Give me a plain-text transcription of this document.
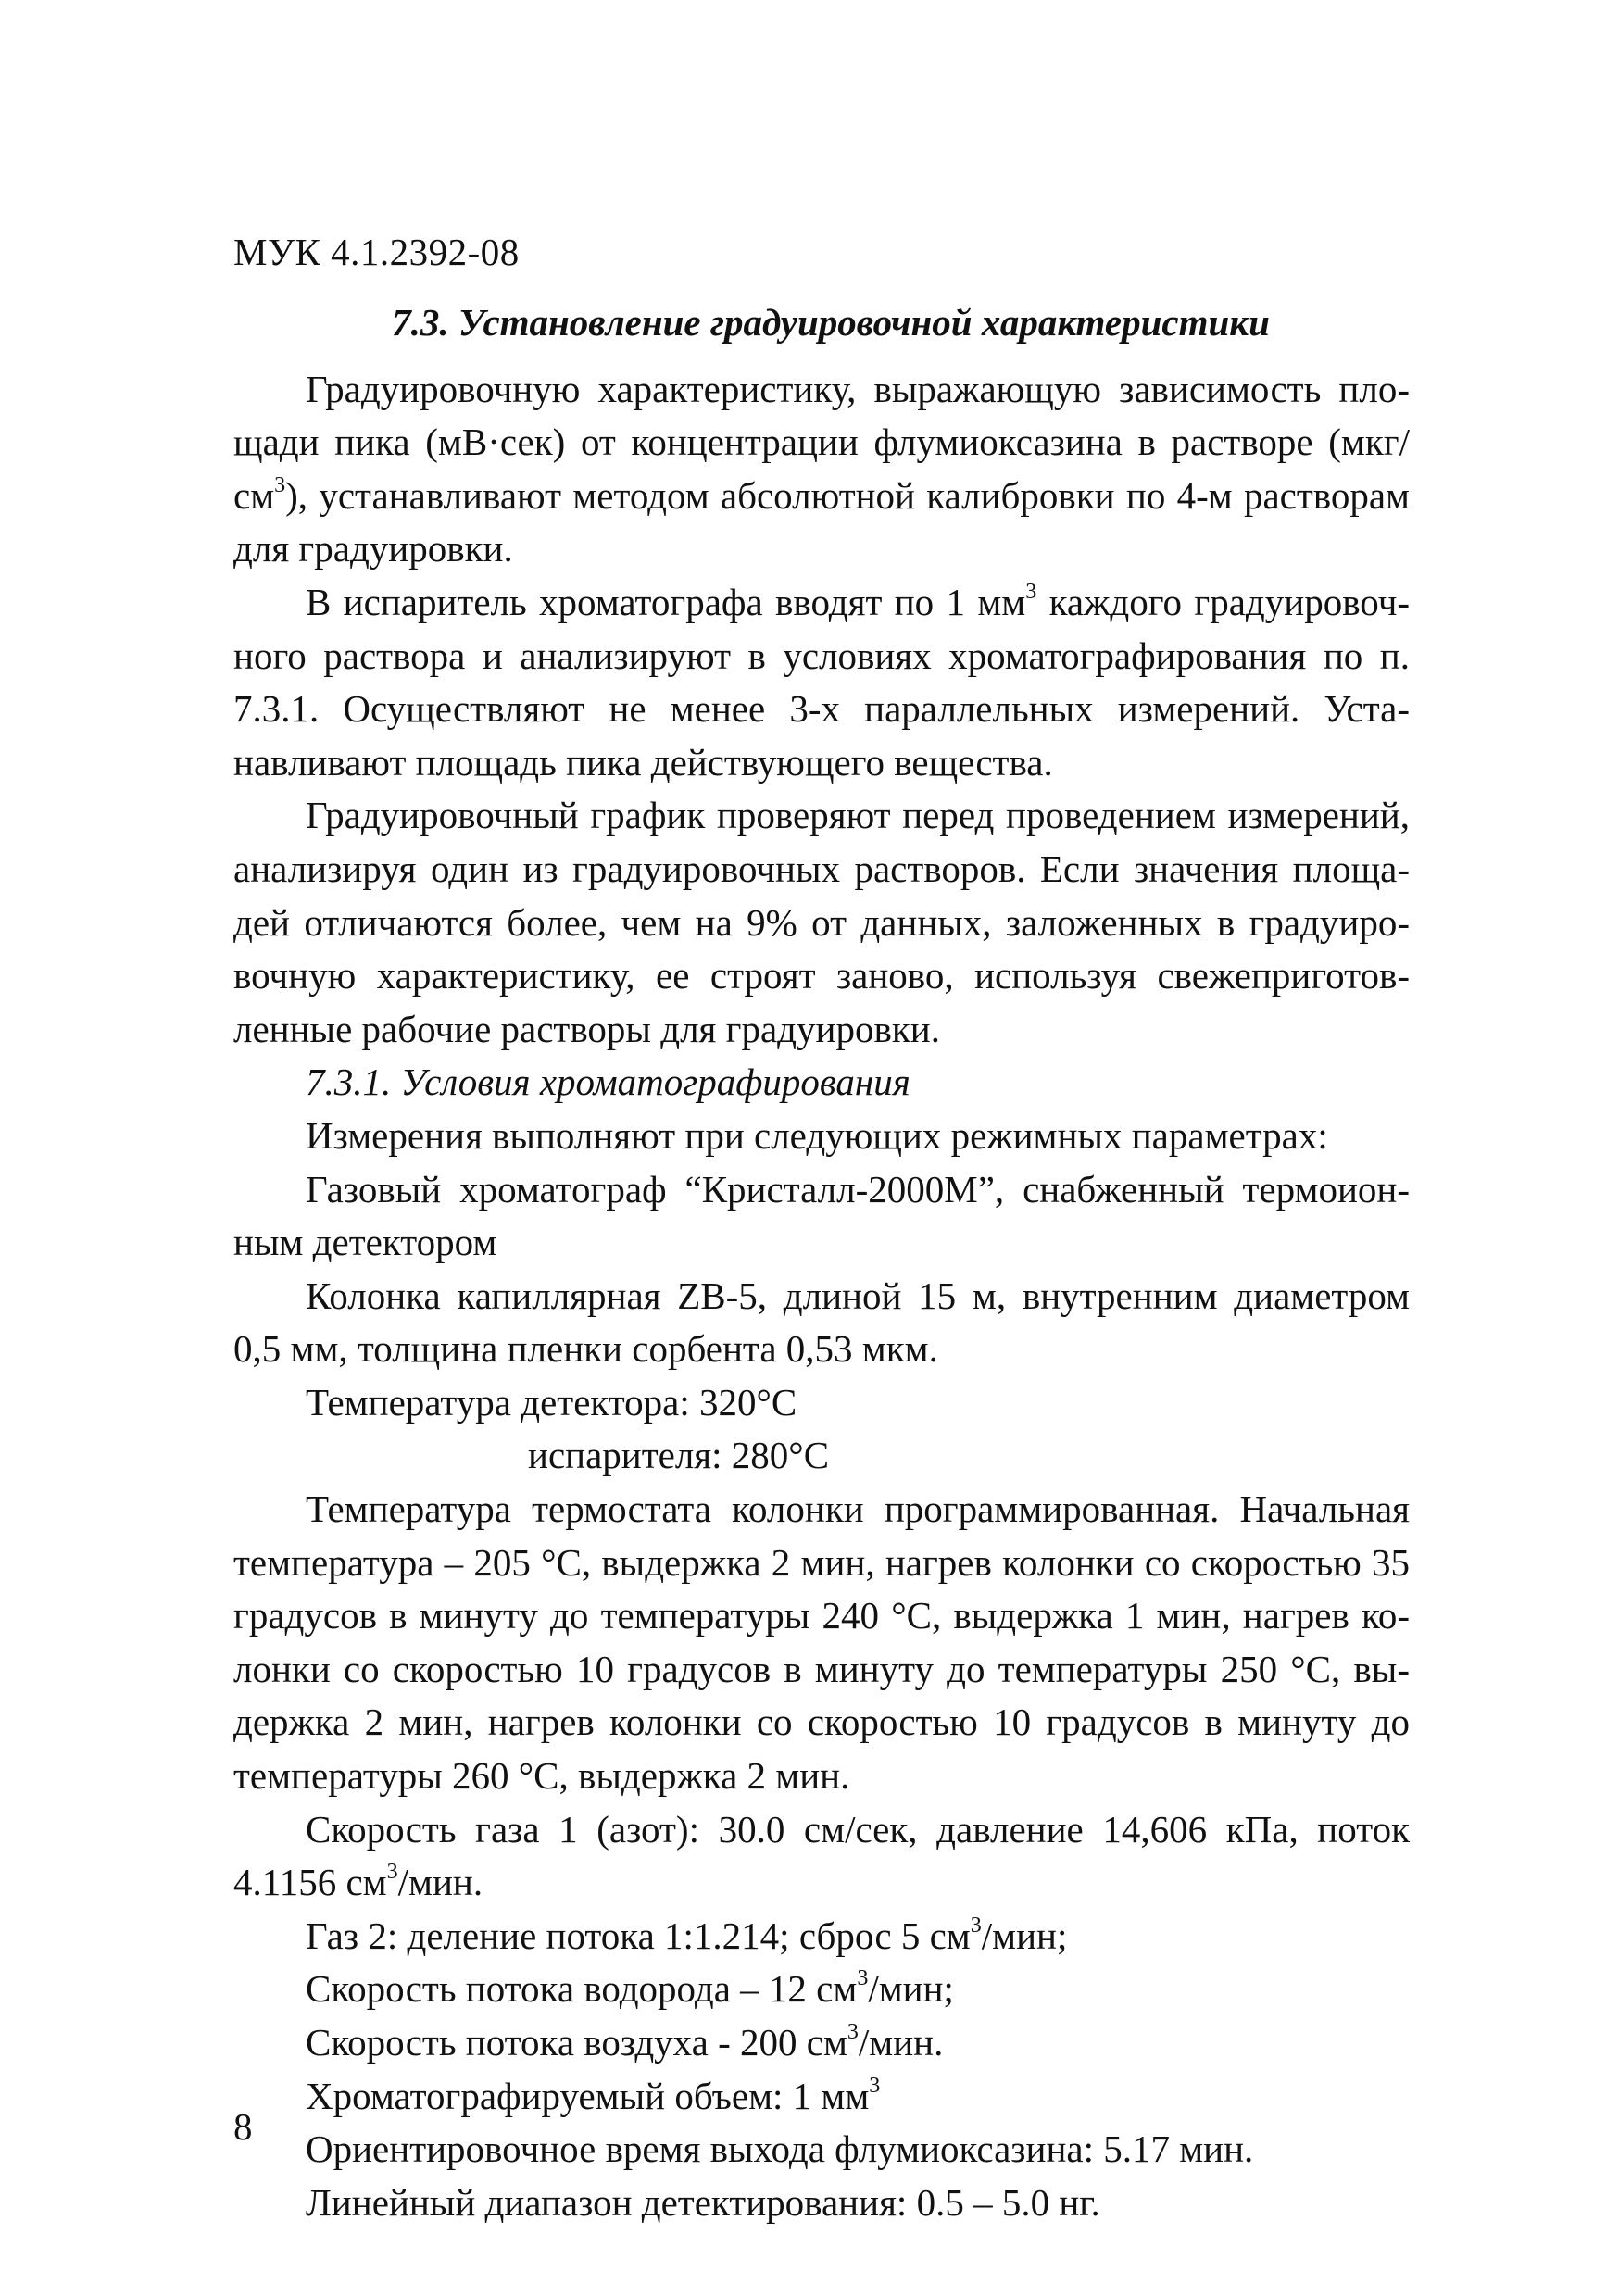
МУК 4.1.2392-08
7.3. Установление градуировочной характеристики

Градуировочную характеристику, выражающую зависимость площади пика (мВ·сек) от концентрации флумиоксазина в растворе $(мкг/см^3)$, устанавливают методом абсолютной калибровки по 4-м растворам для градуировки.

В испаритель хроматографа вводят по 1 $мм^3$ каждого градуировочного раствора и анализируют в условиях хроматографирования по п. 7.3.1. Осуществляют не менее 3-х параллельных измерений. Устанавливают площадь пика действующего вещества.

Градуировочный график проверяют перед проведением измерений, анализируя один из градуировочных растворов. Если значения площадей отличаются более, чем на 9% от данных, заложенных в градуировочную характеристику, ее строят заново, используя свежеприготовленные рабочие растворы для градуировки.

7.3.1. Условия хроматографирования

Измерения выполняют при следующих режимных параметрах:

Газовый хроматограф “Кристалл-2000М”, снабженный термоионным детектором

Колонка капиллярная ZB-5, длиной 15 м, внутренним диаметром 0,5 мм, толщина пленки сорбента 0,53 мкм.

Температура детектора: 320°С

испарителя: 280°С

Температура термостата колонки программированная. Начальная температура – 205 °С, выдержка 2 мин, нагрев колонки со скоростью 35 градусов в минуту до температуры 240 °С, выдержка 1 мин, нагрев колонки со скоростью 10 градусов в минуту до температуры 250 °С, выдержка 2 мин, нагрев колонки со скоростью 10 градусов в минуту до температуры 260 °С, выдержка 2 мин.

Скорость газа 1 (азот): 30.0 см/сек, давление 14,606 кПа, поток 4.1156 $см^3$/мин.

Газ 2: деление потока 1:1.214; сброс 5 $см^3$/мин;

Скорость потока водорода – 12 $см^3$/мин;

Скорость потока воздуха - 200 $см^3$/мин.

Хроматографируемый объем: 1 $мм^3$

Ориентировочное время выхода флумиоксазина: 5.17 мин.

Линейный диапазон детектирования: 0.5 – 5.0 нг.

8
